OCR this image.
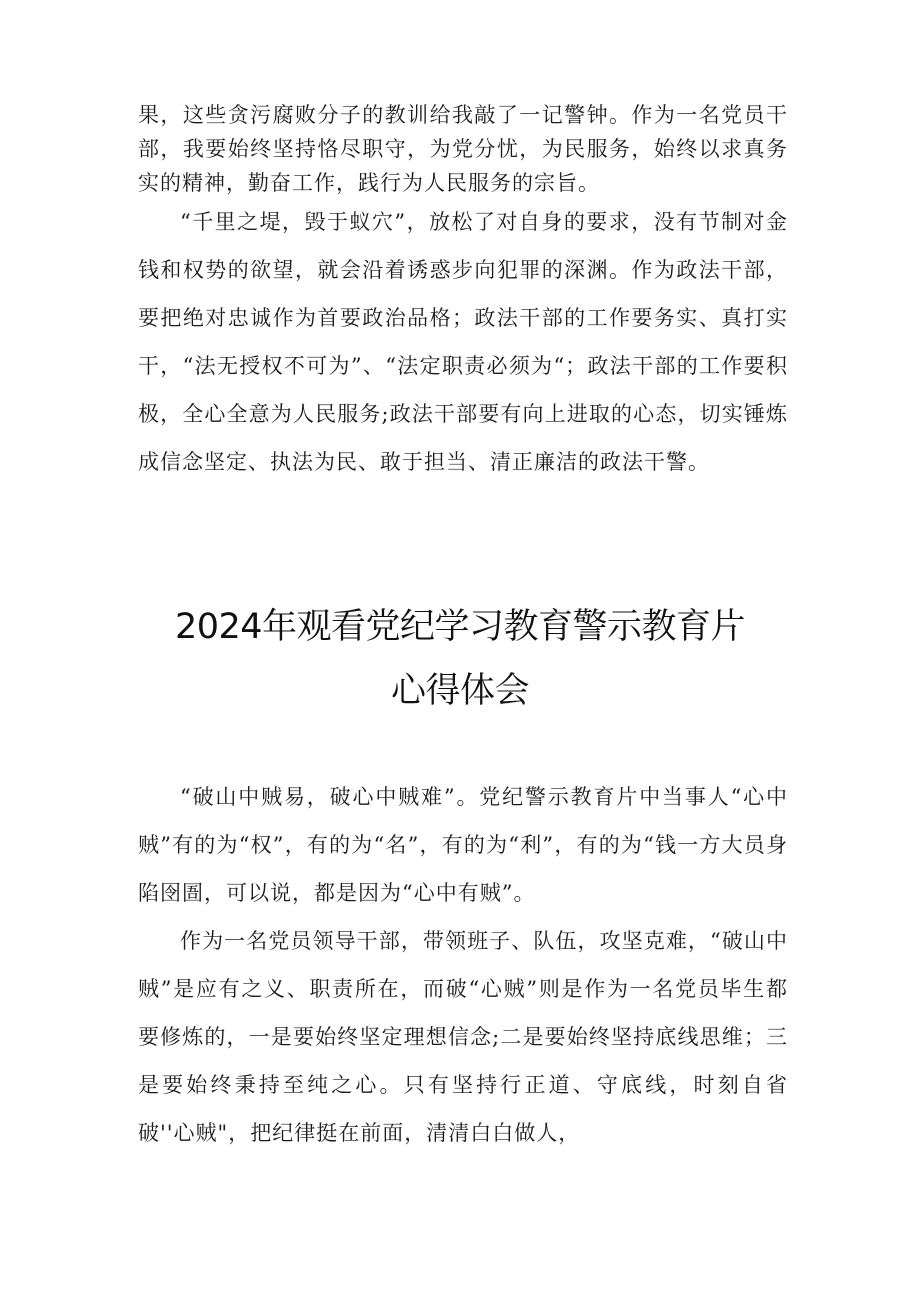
果，这些贪污腐败分子的教训给我敲了一记警钟。作为一名党员干部，我要始终坚持恪尽职守，为党分忧，为民服务，始终以求真务实的精神，勤奋工作，践行为人民服务的宗旨。

“千里之堤，毁于蚁穴”，放松了对自身的要求，没有节制对金钱和权势的欲望，就会沿着诱惑步向犯罪的深渊。作为政法干部，要把绝对忠诚作为首要政治品格；政法干部的工作要务实、真打实干，“法无授权不可为”、“法定职责必须为“；政法干部的工作要积极，全心全意为人民服务;政法干部要有向上进取的心态，切实锤炼成信念坚定、执法为民、敢于担当、清正廉洁的政法干警。

2024年观看党纪学习教育警示教育片
心得体会

“破山中贼易，破心中贼难”。党纪警示教育片中当事人“心中贼”有的为“权”，有的为“名”，有的为“利”，有的为“钱一方大员身陷囹圄，可以说，都是因为“心中有贼”。

作为一名党员领导干部，带领班子、队伍，攻坚克难，“破山中贼”是应有之义、职责所在，而破“心贼”则是作为一名党员毕生都要修炼的，一是要始终坚定理想信念;二是要始终坚持底线思维；三是要始终秉持至纯之心。只有坚持行正道、守底线，时刻自省破''心贼"，把纪律挺在前面，清清白白做人，
